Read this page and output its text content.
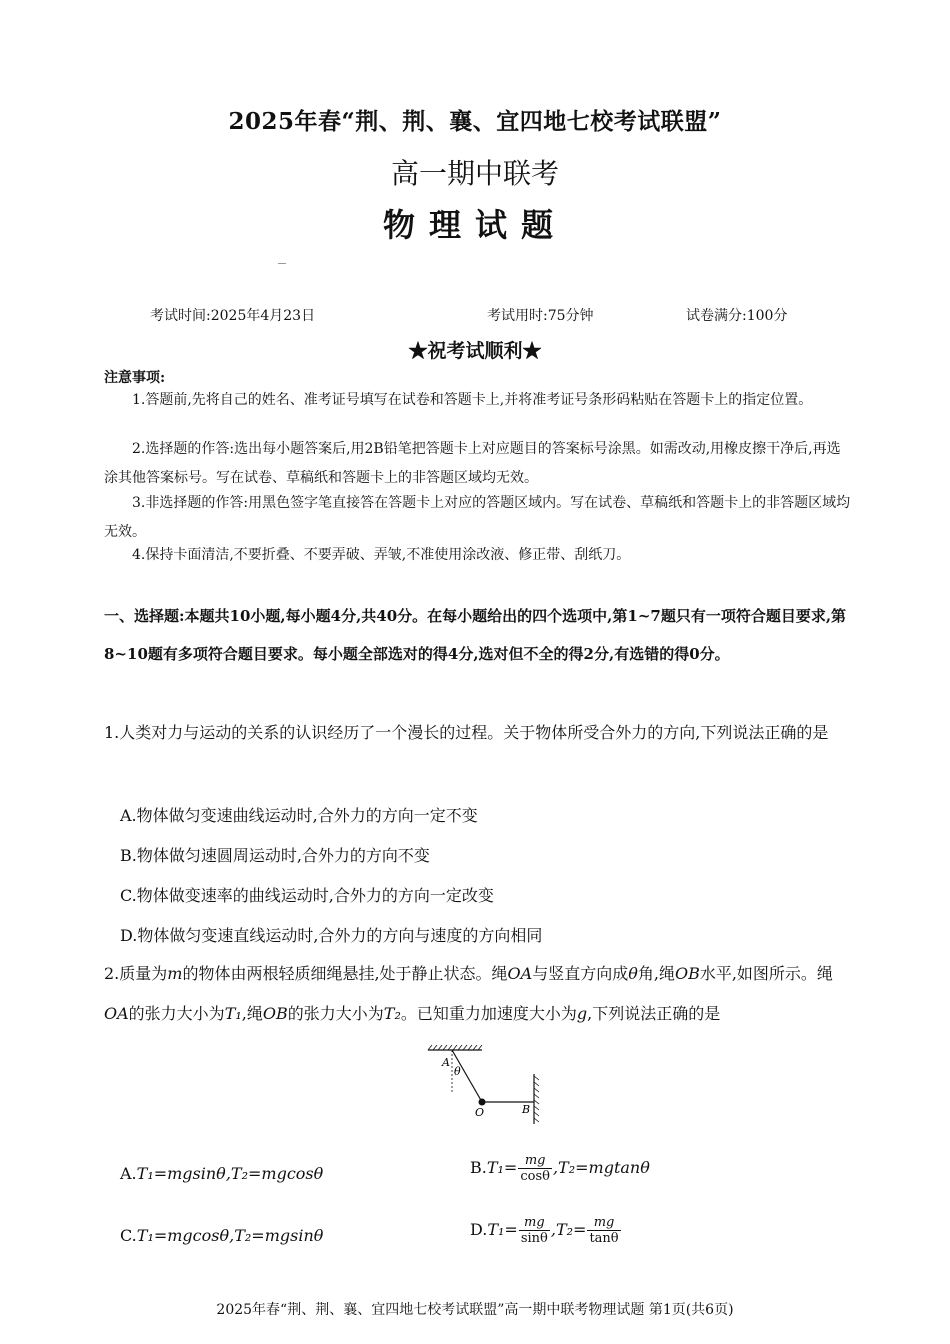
2025年春“荆、荆、襄、宜四地七校考试联盟”
高一期中联考
物理试题
考试时间:2025年4月23日	考试用时:75分钟	试卷满分:100分
★祝考试顺利★
注意事项:
1.答题前,先将自己的姓名、准考证号填写在试卷和答题卡上,并将准考证号条形码粘贴在答题卡上的指定位置。
2.选择题的作答:选出每小题答案后,用2B铅笔把答题卡上对应题目的答案标号涂黑。如需改动,用橡皮擦干净后,再选涂其他答案标号。写在试卷、草稿纸和答题卡上的非答题区域均无效。
3.非选择题的作答:用黑色签字笔直接答在答题卡上对应的答题区域内。写在试卷、草稿纸和答题卡上的非答题区域均无效。
4.保持卡面清洁,不要折叠、不要弄破、弄皱,不准使用涂改液、修正带、刮纸刀。
一、选择题:本题共10小题,每小题4分,共40分。在每小题给出的四个选项中,第1~7题只有一项符合题目要求,第8~10题有多项符合题目要求。每小题全部选对的得4分,选对但不全的得2分,有选错的得0分。
1.人类对力与运动的关系的认识经历了一个漫长的过程。关于物体所受合外力的方向,下列说法正确的是
A.物体做匀变速曲线运动时,合外力的方向一定不变
B.物体做匀速圆周运动时,合外力的方向不变
C.物体做变速率的曲线运动时,合外力的方向一定改变
D.物体做匀变速直线运动时,合外力的方向与速度的方向相同
2.质量为m的物体由两根轻质细绳悬挂,处于静止状态。绳OA与竖直方向成θ角,绳OB水平,如图所示。绳OA的张力大小为T₁,绳OB的张力大小为T₂。已知重力加速度大小为g,下列说法正确的是
A
θ
O	B
A.T₁=mgsinθ,T₂=mgcosθ	$B.T_1= \frac{mg}{\cos\theta} ,T_2=mgtan\theta$
C.T₁=mgcosθ,T₂=mgsinθ	$D.T_1= \frac{mg}{\sin\theta} ,T_2= \frac{mg}{\tan\theta}$
2025年春“荆、荆、襄、宜四地七校考试联盟”高一期中联考物理试题 第1页(共6页)
